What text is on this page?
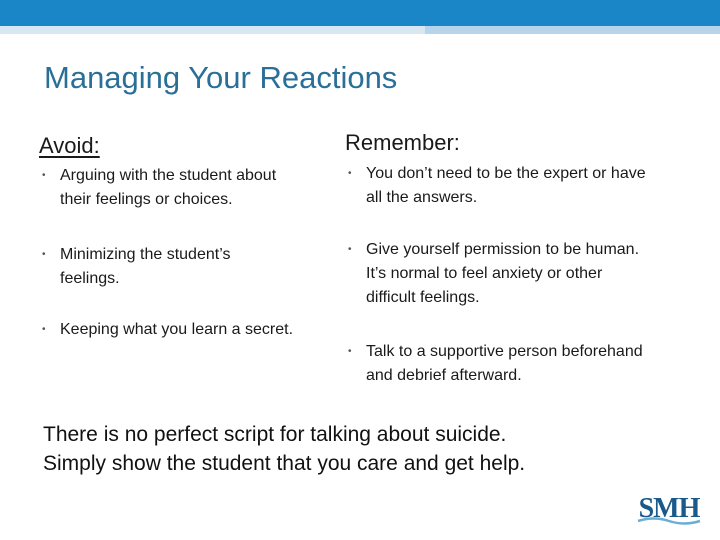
Managing Your Reactions
Avoid:	Remember:
• Arguing with the student about
their feelings or choices.
• Minimizing the student’s
feelings.
• Keeping what you learn a secret.
• You don’t need to be the expert or have
all the answers.
• Give yourself permission to be human.
It’s normal to feel anxiety or other
difficult feelings.
• Talk to a supportive person beforehand
and debrief afterward.
There is no perfect script for talking about suicide.
Simply show the student that you care and get help.
SMH
